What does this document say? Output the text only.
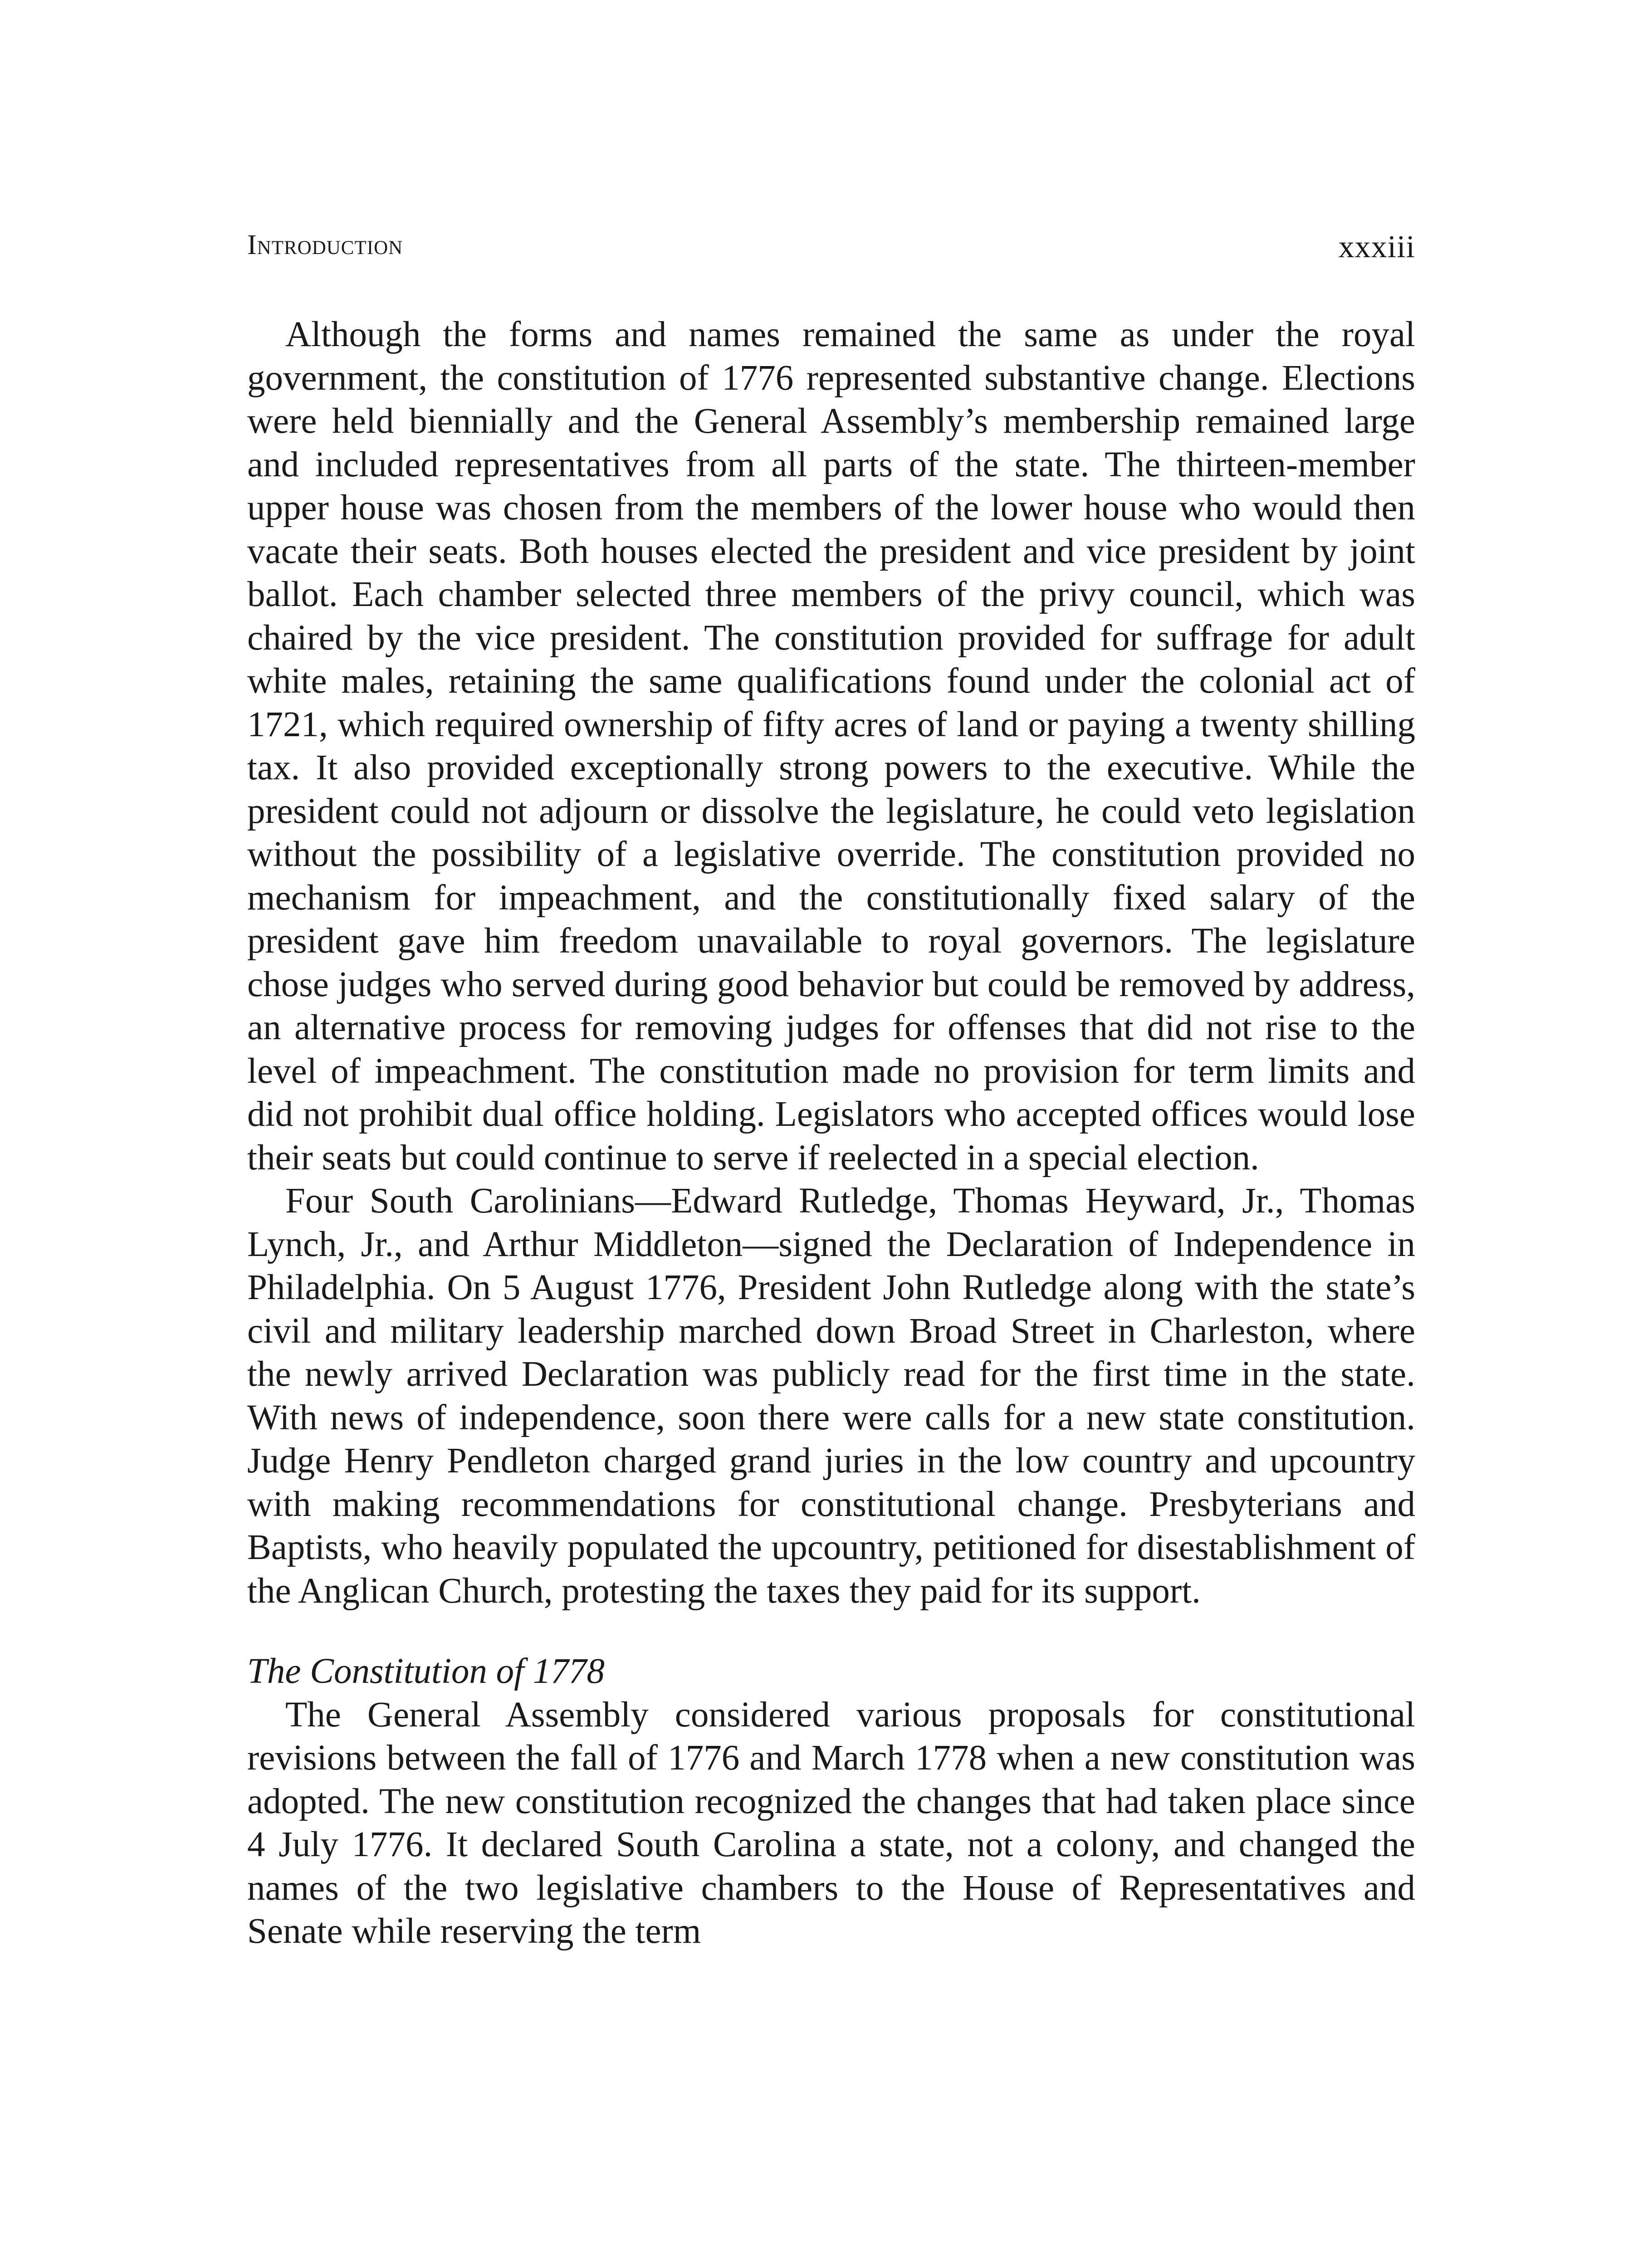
Introduction	xxxiii

Although the forms and names remained the same as under the royal government, the constitution of 1776 represented substantive change. Elections were held biennially and the General Assembly’s membership remained large and included representatives from all parts of the state. The thirteen-member upper house was chosen from the members of the lower house who would then vacate their seats. Both houses elected the president and vice president by joint ballot. Each chamber selected three members of the privy council, which was chaired by the vice president. The constitution provided for suffrage for adult white males, retaining the same qualifications found under the colonial act of 1721, which required ownership of fifty acres of land or paying a twenty shilling tax. It also provided exceptionally strong powers to the executive. While the president could not adjourn or dissolve the legislature, he could veto legislation without the possibility of a legislative override. The constitution provided no mechanism for impeachment, and the constitutionally fixed salary of the president gave him freedom unavailable to royal governors. The legislature chose judges who served during good behavior but could be removed by address, an alternative process for removing judges for offenses that did not rise to the level of impeachment. The constitution made no provision for term limits and did not prohibit dual office holding. Legislators who accepted offices would lose their seats but could continue to serve if reelected in a special election.

Four South Carolinians—Edward Rutledge, Thomas Heyward, Jr., Thomas Lynch, Jr., and Arthur Middleton—signed the Declaration of Independence in Philadelphia. On 5 August 1776, President John Rutledge along with the state’s civil and military leadership marched down Broad Street in Charleston, where the newly arrived Declaration was publicly read for the first time in the state. With news of independence, soon there were calls for a new state constitution. Judge Henry Pendleton charged grand juries in the low country and upcountry with making recommendations for constitutional change. Presbyterians and Baptists, who heavily populated the upcountry, petitioned for disestablishment of the Anglican Church, protesting the taxes they paid for its support.

The Constitution of 1778

The General Assembly considered various proposals for constitutional revisions between the fall of 1776 and March 1778 when a new constitution was adopted. The new constitution recognized the changes that had taken place since 4 July 1776. It declared South Carolina a state, not a colony, and changed the names of the two legislative chambers to the House of Representatives and Senate while reserving the term
